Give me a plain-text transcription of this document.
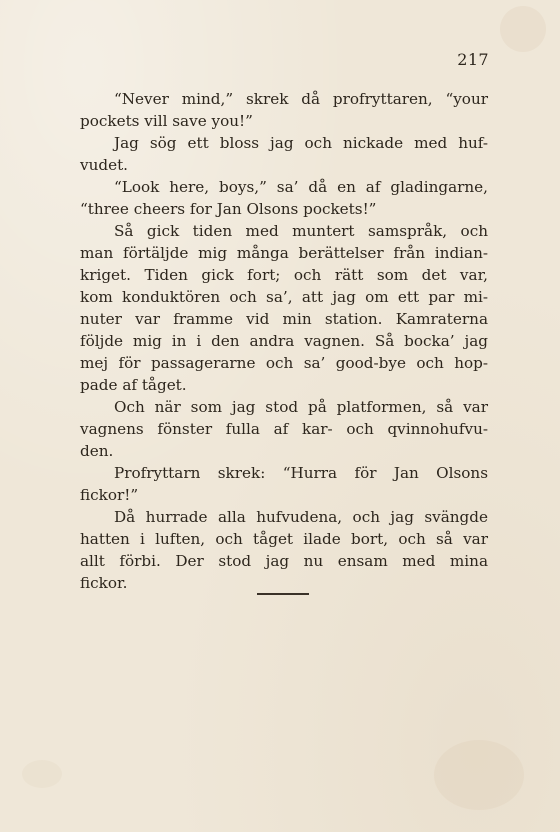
217

“Never mind,” skrek då profryttaren, “your
pockets vill save you!”

Jag sög ett bloss jag och nickade med huf-
vudet.

“Look here, boys,” sa’ då en af gladingarne,
“three cheers for Jan Olsons pockets!”

Så gick tiden med muntert samspråk, och
man förtäljde mig många berättelser från indian-
kriget. Tiden gick fort; och rätt som det var,
kom konduktören och sa’, att jag om ett par mi-
nuter var framme vid min station. Kamraterna
följde mig in i den andra vagnen. Så bocka’ jag
mej för passagerarne och sa’ good-bye och hop-
pade af tåget.

Och när som jag stod på platformen, så var
vagnens fönster fulla af kar- och qvinnohufvu-
den.

Profryttarn skrek: “Hurra för Jan Olsons
fickor!”

Då hurrade alla hufvudena, och jag svängde
hatten i luften, och tåget ilade bort, och så var
allt förbi. Der stod jag nu ensam med mina
fickor.
